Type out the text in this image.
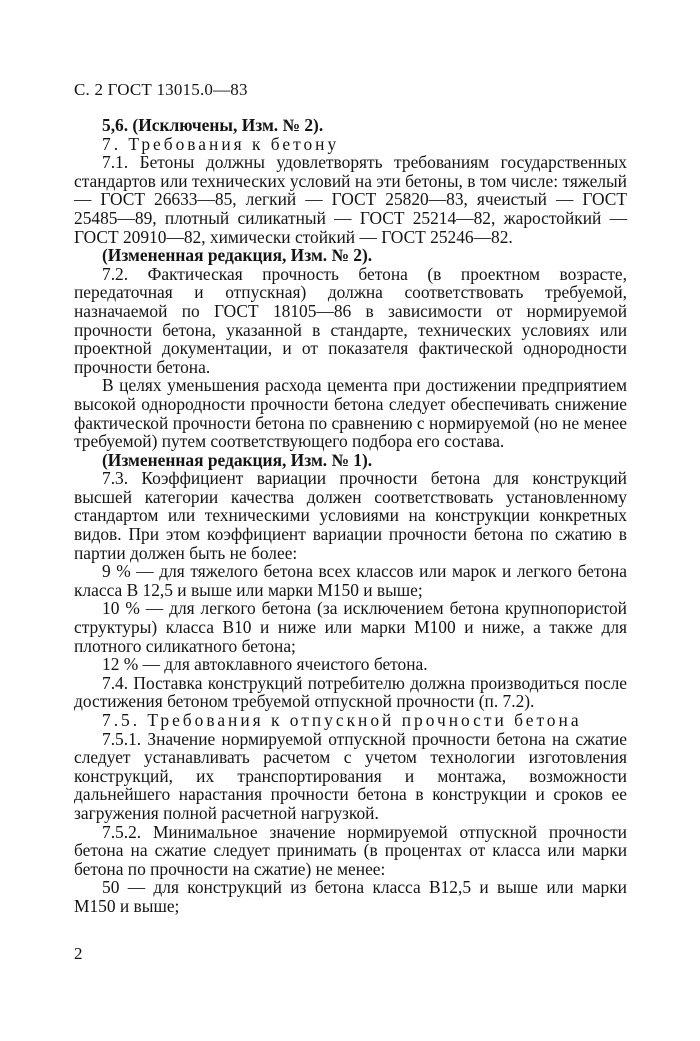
С. 2 ГОСТ 13015.0—83

5,6. (Исключены, Изм. № 2).

7. Требования к бетону

7.1. Бетоны должны удовлетворять требованиям государственных стандартов или технических условий на эти бетоны, в том числе: тяжелый — ГОСТ 26633—85, легкий — ГОСТ 25820—83, ячеистый — ГОСТ 25485—89, плотный силикатный — ГОСТ 25214—82, жаростойкий — ГОСТ 20910—82, химически стойкий — ГОСТ 25246—82.

(Измененная редакция, Изм. № 2).

7.2. Фактическая прочность бетона (в проектном возрасте, передаточная и отпускная) должна соответствовать требуемой, назначаемой по ГОСТ 18105—86 в зависимости от нормируемой прочности бетона, указанной в стандарте, технических условиях или проектной документации, и от показателя фактической однородности прочности бетона.

В целях уменьшения расхода цемента при достижении предприятием высокой однородности прочности бетона следует обеспечивать снижение фактической прочности бетона по сравнению с нормируемой (но не менее требуемой) путем соответствующего подбора его состава.

(Измененная редакция, Изм. № 1).

7.3. Коэффициент вариации прочности бетона для конструкций высшей категории качества должен соответствовать установленному стандартом или техническими условиями на конструкции конкретных видов. При этом коэффициент вариации прочности бетона по сжатию в партии должен быть не более:

9 % — для тяжелого бетона всех классов или марок и легкого бетона класса В 12,5 и выше или марки М150 и выше;

10 % — для легкого бетона (за исключением бетона крупнопористой структуры) класса В10 и ниже или марки М100 и ниже, а также для плотного силикатного бетона;

12 % — для автоклавного ячеистого бетона.

7.4. Поставка конструкций потребителю должна производиться после достижения бетоном требуемой отпускной прочности (п. 7.2).

7.5. Требования к отпускной прочности бетона

7.5.1. Значение нормируемой отпускной прочности бетона на сжатие следует устанавливать расчетом с учетом технологии изготовления конструкций, их транспортирования и монтажа, возможности дальнейшего нарастания прочности бетона в конструкции и сроков ее загружения полной расчетной нагрузкой.

7.5.2. Минимальное значение нормируемой отпускной прочности бетона на сжатие следует принимать (в процентах от класса или марки бетона по прочности на сжатие) не менее:

50 — для конструкций из бетона класса В12,5 и выше или марки М150 и выше;

2
